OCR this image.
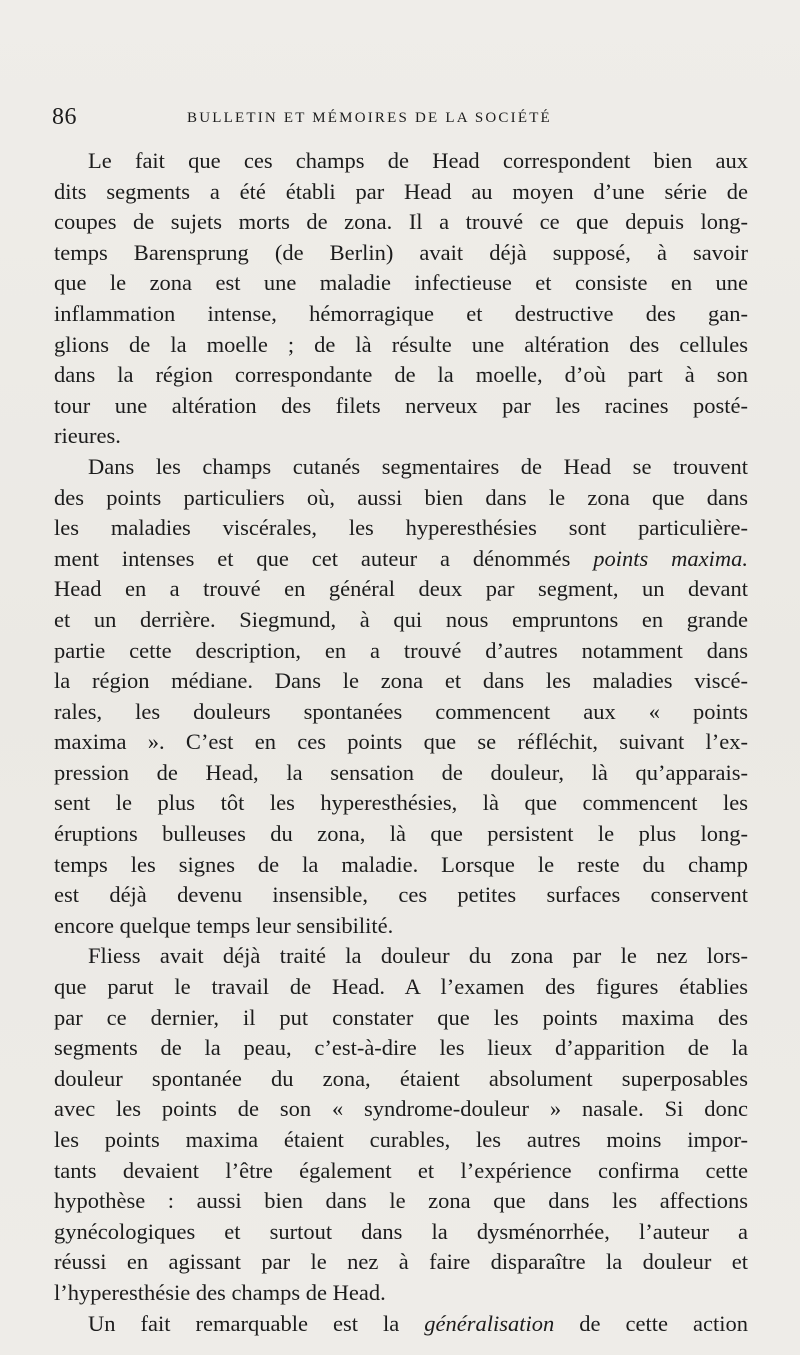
86	BULLETIN ET MÉMOIRES DE LA SOCIÉTÉ
Le fait que ces champs de Head correspondent bien aux
dits segments a été établi par Head au moyen d’une série de
coupes de sujets morts de zona. Il a trouvé ce que depuis long-
temps Barensprung (de Berlin) avait déjà supposé, à savoir
que le zona est une maladie infectieuse et consiste en une
inflammation intense, hémorragique et destructive des gan-
glions de la moelle ; de là résulte une altération des cellules
dans la région correspondante de la moelle, d’où part à son
tour une altération des filets nerveux par les racines posté-
rieures.
Dans les champs cutanés segmentaires de Head se trouvent
des points particuliers où, aussi bien dans le zona que dans
les maladies viscérales, les hyperesthésies sont particulière-
ment intenses et que cet auteur a dénommés points maxima.
Head en a trouvé en général deux par segment, un devant
et un derrière. Siegmund, à qui nous empruntons en grande
partie cette description, en a trouvé d’autres notamment dans
la région médiane. Dans le zona et dans les maladies viscé-
rales, les douleurs spontanées commencent aux « points
maxima ». C’est en ces points que se réfléchit, suivant l’ex-
pression de Head, la sensation de douleur, là qu’apparais-
sent le plus tôt les hyperesthésies, là que commencent les
éruptions bulleuses du zona, là que persistent le plus long-
temps les signes de la maladie. Lorsque le reste du champ
est déjà devenu insensible, ces petites surfaces conservent
encore quelque temps leur sensibilité.
Fliess avait déjà traité la douleur du zona par le nez lors-
que parut le travail de Head. A l’examen des figures établies
par ce dernier, il put constater que les points maxima des
segments de la peau, c’est-à-dire les lieux d’apparition de la
douleur spontanée du zona, étaient absolument superposables
avec les points de son « syndrome-douleur » nasale. Si donc
les points maxima étaient curables, les autres moins impor-
tants devaient l’être également et l’expérience confirma cette
hypothèse : aussi bien dans le zona que dans les affections
gynécologiques et surtout dans la dysménorrhée, l’auteur a
réussi en agissant par le nez à faire disparaître la douleur et
l’hyperesthésie des champs de Head.
Un fait remarquable est la généralisation de cette action
